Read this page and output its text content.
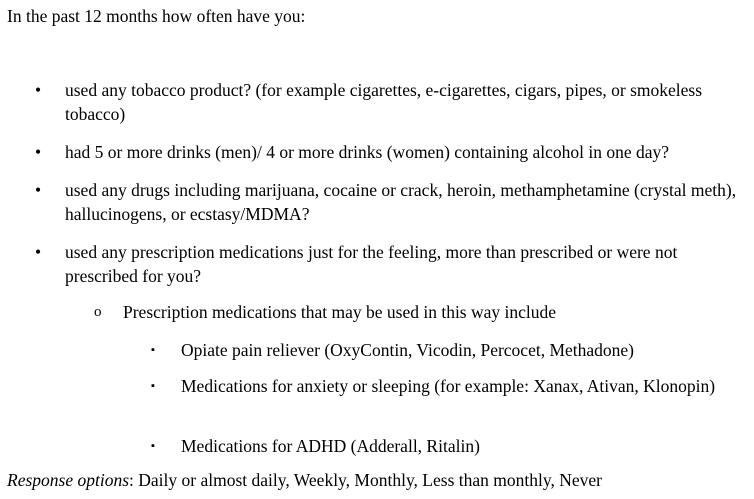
In the past 12 months how often have you:
• used any tobacco product? (for example cigarettes, e-cigarettes, cigars, pipes, or smokeless tobacco)
• had 5 or more drinks (men)/ 4 or more drinks (women) containing alcohol in one day?
• used any drugs including marijuana, cocaine or crack, heroin, methamphetamine (crystal meth), hallucinogens, or ecstasy/MDMA?
• used any prescription medications just for the feeling, more than prescribed or were not prescribed for you?
o Prescription medications that may be used in this way include
▪ Opiate pain reliever (OxyContin, Vicodin, Percocet, Methadone)
▪ Medications for anxiety or sleeping (for example: Xanax, Ativan, Klonopin)
▪ Medications for ADHD (Adderall, Ritalin)
Response options: Daily or almost daily, Weekly, Monthly, Less than monthly, Never
